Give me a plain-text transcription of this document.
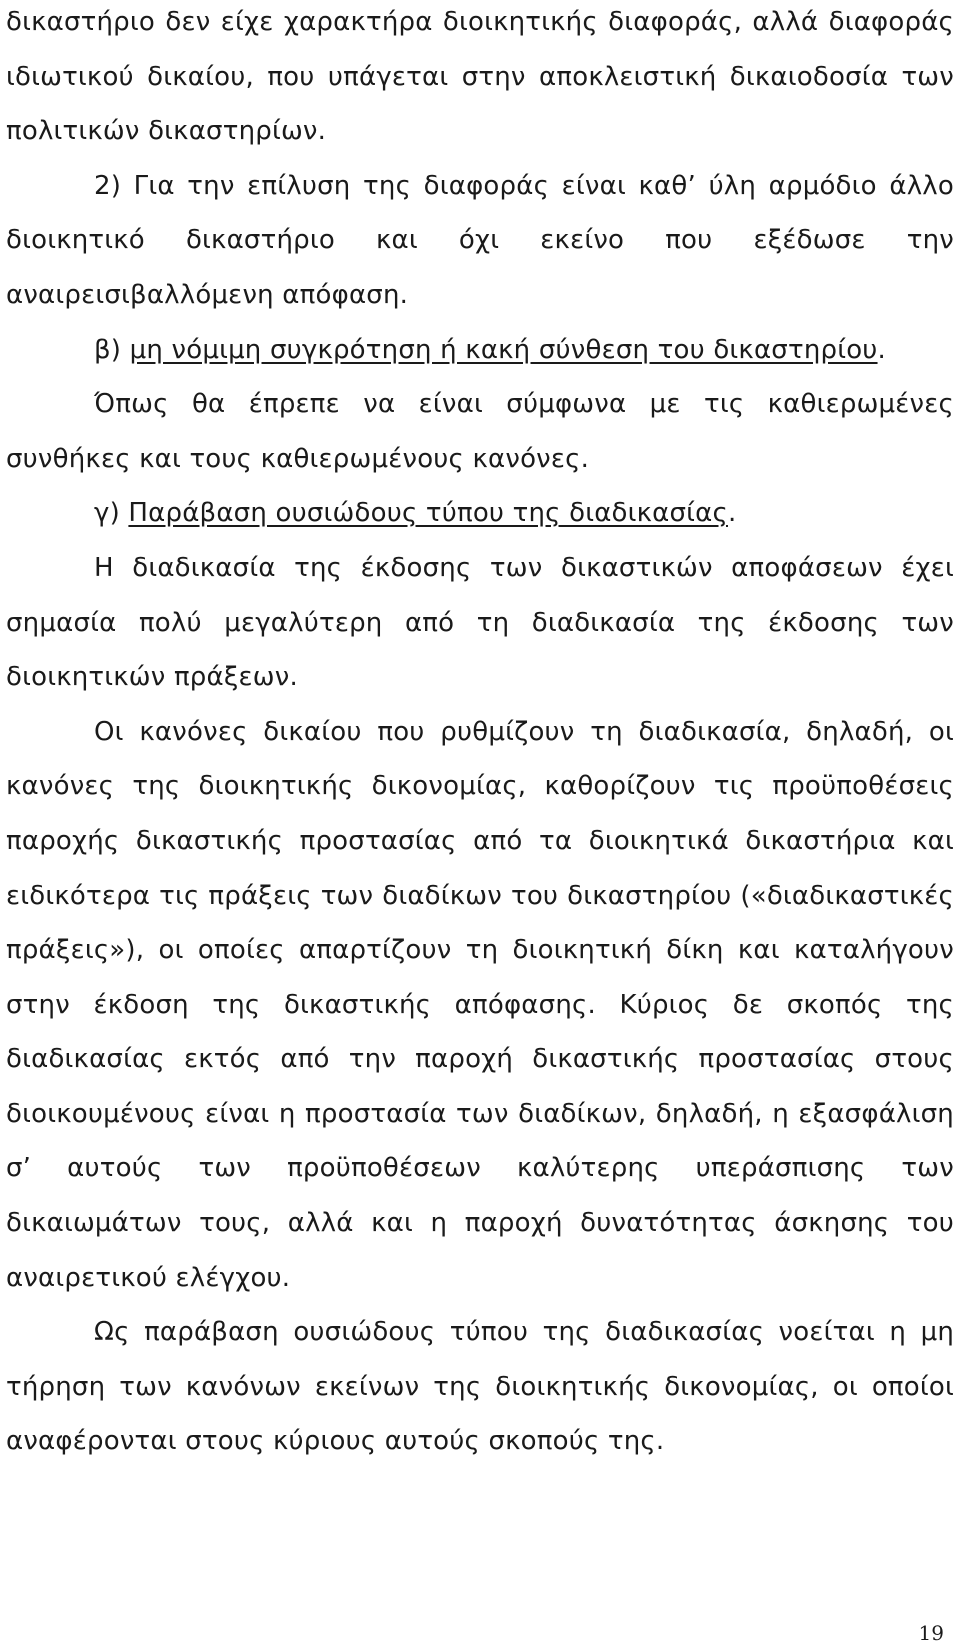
δικαστήριο δεν είχε χαρακτήρα διοικητικής διαφοράς, αλλά διαφοράς ιδιωτικού δικαίου, που υπάγεται στην αποκλειστική δικαιοδοσία των πολιτικών δικαστηρίων.

2) Για την επίλυση της διαφοράς είναι καθ’ ύλη αρμόδιο άλλο διοικητικό δικαστήριο και όχι εκείνο που εξέδωσε την αναιρεισιβαλλόμενη απόφαση.

β) μη νόμιμη συγκρότηση ή κακή σύνθεση του δικαστηρίου.

Όπως θα έπρεπε να είναι σύμφωνα με τις καθιερωμένες συνθήκες και τους καθιερωμένους κανόνες.

γ) Παράβαση ουσιώδους τύπου της διαδικασίας.

Η διαδικασία της έκδοσης των δικαστικών αποφάσεων έχει σημασία πολύ μεγαλύτερη από τη διαδικασία της έκδοσης των διοικητικών πράξεων.

Οι κανόνες δικαίου που ρυθμίζουν τη διαδικασία, δηλαδή, οι κανόνες της διοικητικής δικονομίας, καθορίζουν τις προϋποθέσεις παροχής δικαστικής προστασίας από τα διοικητικά δικαστήρια και ειδικότερα τις πράξεις των διαδίκων του δικαστηρίου («διαδικαστικές πράξεις»), οι οποίες απαρτίζουν τη διοικητική δίκη και καταλήγουν στην έκδοση της δικαστικής απόφασης. Κύριος δε σκοπός της διαδικασίας εκτός από την παροχή δικαστικής προστασίας στους διοικουμένους είναι η προστασία των διαδίκων, δηλαδή, η εξασφάλιση σ’ αυτούς των προϋποθέσεων καλύτερης υπεράσπισης των δικαιωμάτων τους, αλλά και η παροχή δυνατότητας άσκησης του αναιρετικού ελέγχου.

Ως παράβαση ουσιώδους τύπου της διαδικασίας νοείται η μη τήρηση των κανόνων εκείνων της διοικητικής δικονομίας, οι οποίοι αναφέρονται στους κύριους αυτούς σκοπούς της.

19
